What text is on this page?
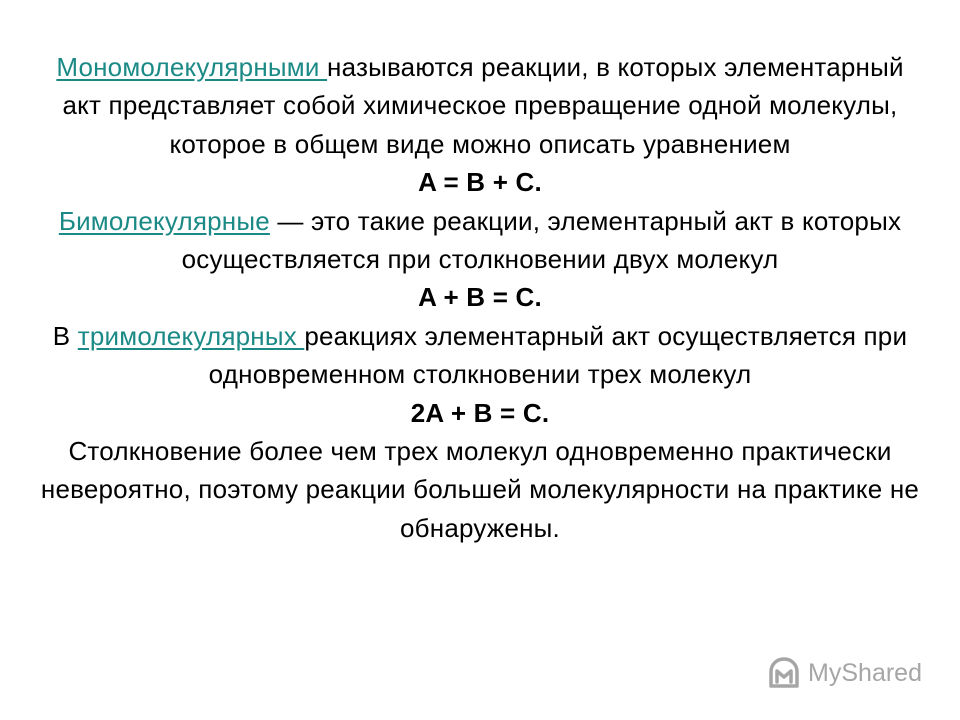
Мономолекулярными называются реакции, в которых элементарный акт представляет собой химическое превращение одной молекулы, которое в общем виде можно описать уравнением

A = B + C.

Бимолекулярные — это такие реакции, элементарный акт в которых осуществляется при столкновении двух молекул

A + B = C.

В тримолекулярных реакциях элементарный акт осуществляется при одновременном столкновении трех молекул

2A + B = C.

Столкновение более чем трех молекул одновременно практически невероятно, поэтому реакции большей молекулярности на практике не обнаружены.

MyShared
